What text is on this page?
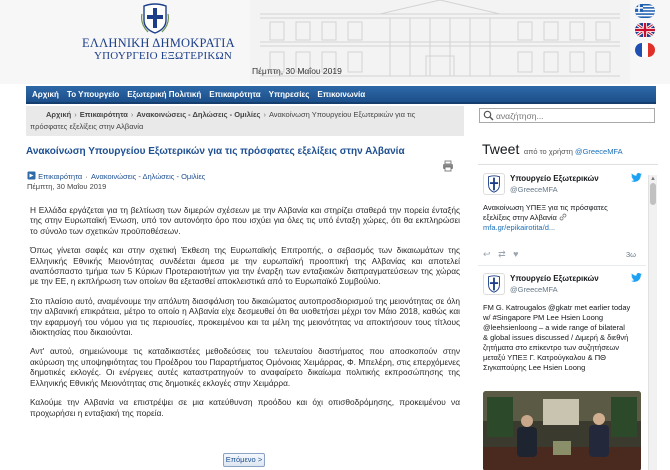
ΕΛΛΗΝΙΚΗ ΔΗΜΟΚΡΑΤΙΑ
ΥΠΟΥΡΓΕΙΟ ΕΞΩΤΕΡΙΚΩΝ
Πέμπτη, 30 Μαΐου 2019
Αρχική Το Υπουργείο Εξωτερική Πολιτική Επικαιρότητα Υπηρεσίες Επικοινωνία
Αρχική › Επικαιρότητα › Ανακοινώσεις - Δηλώσεις - Ομιλίες › Ανακοίνωση Υπουργείου Εξωτερικών για τις
πρόσφατες εξελίξεις στην Αλβανία
αναζήτηση...
Ανακοίνωση Υπουργείου Εξωτερικών για τις πρόσφατες εξελίξεις στην Αλβανία
Επικαιρότητα · Ανακοινώσεις - Δηλώσεις - Ομιλίες
Πέμπτη, 30 Μαΐου 2019

Η Ελλάδα εργάζεται για τη βελτίωση των διμερών σχέσεων με την Αλβανία και στηρίζει σταθερά την πορεία ένταξής της στην Ευρωπαϊκή Ένωση, υπό τον αυτονόητο όρο που ισχύει για όλες τις υπό ένταξη χώρες, ότι θα εκπληρώσει το σύνολο των σχετικών προϋποθέσεων.

Όπως γίνεται σαφές και στην σχετική Έκθεση της Ευρωπαϊκής Επιτροπής, ο σεβασμός των δικαιωμάτων της Ελληνικής Εθνικής Μειονότητας συνδέεται άμεσα με την ευρωπαϊκή προοπτική της Αλβανίας και αποτελεί αναπόσπαστο τμήμα των 5 Κύριων Προτεραιοτήτων για την έναρξη των ενταξιακών διαπραγματεύσεων της χώρας με την ΕΕ, η εκπλήρωση των οποίων θα εξετασθεί αποκλειστικά από το Ευρωπαϊκό Συμβούλιο.

Στο πλαίσιο αυτό, αναμένουμε την απόλυτη διασφάλιση του δικαιώματος αυτοπροσδιορισμού της μειονότητας σε όλη την αλβανική επικράτεια, μέτρο το οποίο η Αλβανία είχε δεσμευθεί ότι θα υιοθετήσει μέχρι τον Μάιο 2018, καθώς και την εφαρμογή του νόμου για τις περιουσίες, προκειμένου και τα μέλη της μειονότητας να αποκτήσουν τους τίτλους ιδιοκτησίας που δικαιούνται.

Αντ' αυτού, σημειώνουμε τις καταδικαστέες μεθοδεύσεις του τελευταίου διαστήματος που αποσκοπούν στην ακύρωση της υποψηφιότητας του Προέδρου του Παραρτήματος Ομόνοιας Χειμάρρας, Φ. Μπελέρη, στις επερχόμενες δημοτικές εκλογές. Οι ενέργειες αυτές καταστρατηγούν το αναφαίρετο δικαίωμα πολιτικής εκπροσώπησης της Ελληνικής Εθνικής Μειονότητας στις δημοτικές εκλογές στην Χειμάρρα.

Καλούμε την Αλβανία να επιστρέψει σε μια κατεύθυνση προόδου και όχι οπισθοδρόμησης, προκειμένου να προχωρήσει η ενταξιακή της πορεία.

Επόμενο >
Tweet από το χρήστη @GreeceMFA
Υπουργείο Εξωτερικών
@GreeceMFA
Ανακοίνωση ΥΠΕΞ για τις πρόσφατες
εξελίξεις στην Αλβανία
mfa.gr/epikairotita/d...
↩ ⇄ ♥	3ω
Υπουργείο Εξωτερικών
@GreeceMFA
FM G. Katrougalos @gkatr met earlier today
w/ #Singapore PM Lee Hsien Loong
@leehsienloong – a wide range of bilateral
& global issues discussed / Διμερή & διεθνή
ζητήματα στο επίκεντρο των συζητήσεων
μεταξύ ΥΠΕΞ Γ. Κατρούγκαλου & ΠΘ
Σιγκαπούρης Lee Hsien Loong
▲
